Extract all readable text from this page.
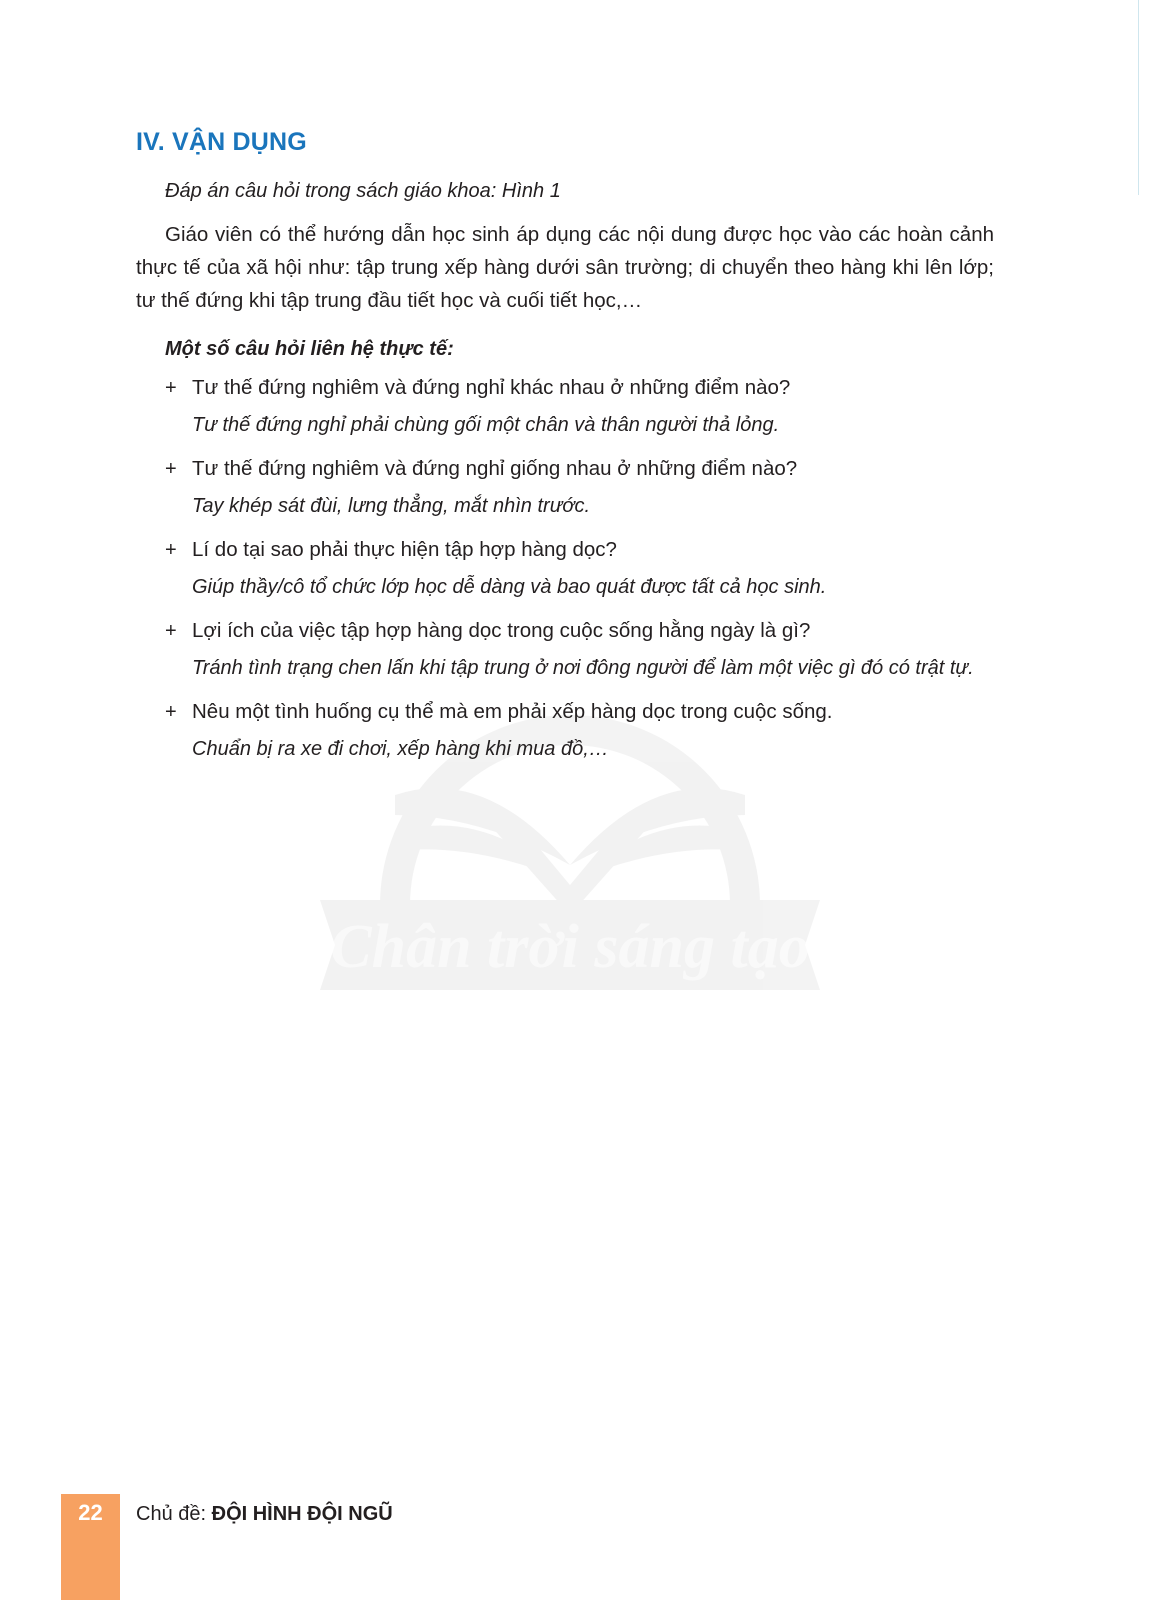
Chân trời sáng tạo
IV. VẬN DỤNG
Đáp án câu hỏi trong sách giáo khoa: Hình 1

Giáo viên có thể hướng dẫn học sinh áp dụng các nội dung được học vào các hoàn cảnh thực tế của xã hội như: tập trung xếp hàng dưới sân trường; di chuyển theo hàng khi lên lớp; tư thế đứng khi tập trung đầu tiết học và cuối tiết học,…

Một số câu hỏi liên hệ thực tế:
+ Tư thế đứng nghiêm và đứng nghỉ khác nhau ở những điểm nào?
Tư thế đứng nghỉ phải chùng gối một chân và thân người thả lỏng.
+ Tư thế đứng nghiêm và đứng nghỉ giống nhau ở những điểm nào?
Tay khép sát đùi, lưng thẳng, mắt nhìn trước.
+ Lí do tại sao phải thực hiện tập hợp hàng dọc?
Giúp thầy/cô tổ chức lớp học dễ dàng và bao quát được tất cả học sinh.
+ Lợi ích của việc tập hợp hàng dọc trong cuộc sống hằng ngày là gì?
Tránh tình trạng chen lấn khi tập trung ở nơi đông người để làm một việc gì đó có trật tự.
+ Nêu một tình huống cụ thể mà em phải xếp hàng dọc trong cuộc sống.
Chuẩn bị ra xe đi chơi, xếp hàng khi mua đồ,…
22	Chủ đề: ĐỘI HÌNH ĐỘI NGŨ
